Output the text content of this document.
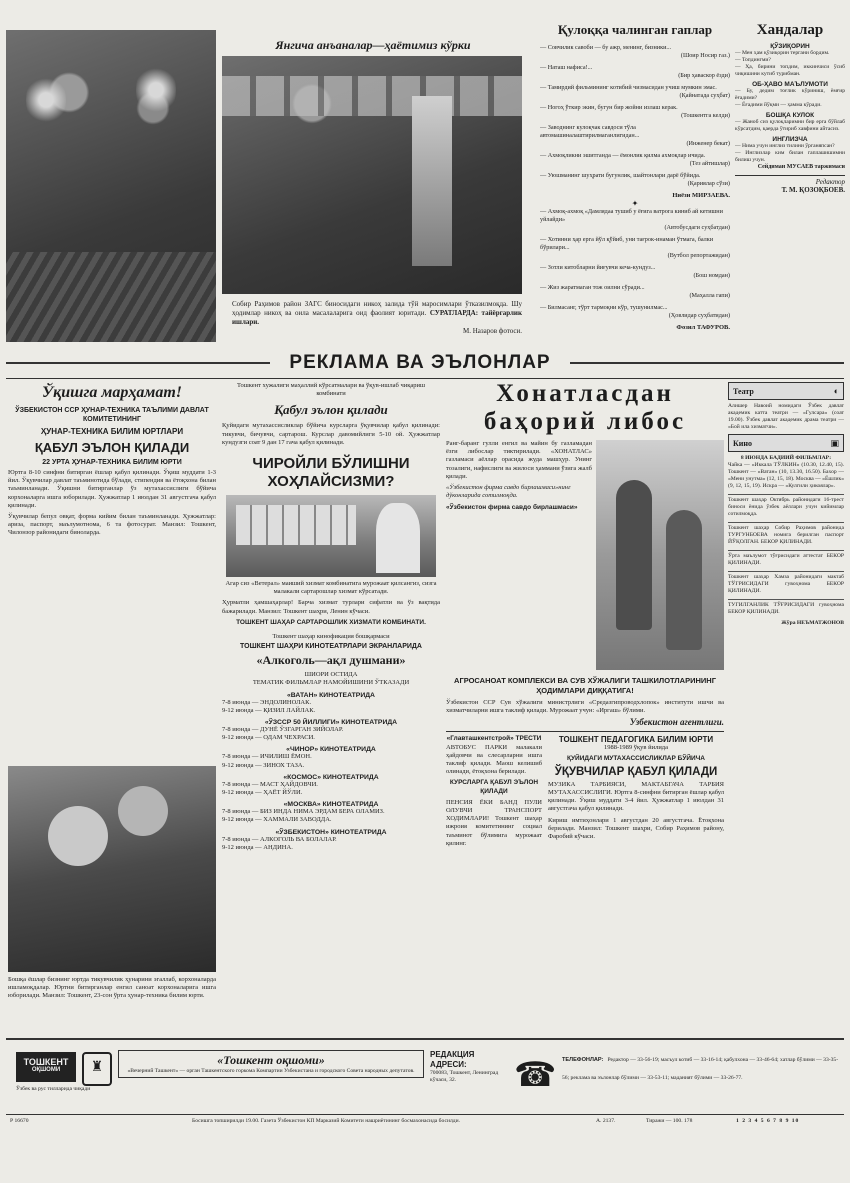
Янгича анъаналар—ҳаётимиз кўрки
Собир Раҳимов район ЗАГС биносидаги никоҳ залида тўй маросимлари ўтказилмоқда. Шу ҳодимлар никоҳ ва оила масалаларига оид фаолият юритади. СУРАТЛАРДА: тайёргарлик ишлари.
М. Назаров фотоси.
Қулоққа чалинган гаплар
— Совчилик савоби — бу ажр, менинг, бизники...
(Шoир Носир газ.)
— Наташ нафиса!...
(Бир ҳаваскор ёзди)
— Тамирдий фильмининг котибий чизмасидан учиш мумкин эмас.
(Қайнатада суҳбат)
— Ногоҳ ўткир экин, бугун бир жойни излаш керак.
(Тошкентга келди)
— Заводнинг кулоқчак савдоси тўла автомашиналаштирилмаганлигидан...
(Инженер бекат)
— Ахмоқликни эшитганда — ёмонлик қилма ахмоқлар ичида.
(Тез айтишлар)
— Уюшманинг шуҳрати бугунлик, шайтонлари дарё бўйида.
(Қариялар сўзи)
Ниёзи МИРЗАЕВА.
✦
— Ахмоқ-ахмоқ «Дамлядаа тушиб у ёғига ватрога киниб ай кетишни уйлайди»
(Автобусдаги суҳбатдан)
— Хотинни ҳар ерга йўл қўйиб, уни тағрок-инаман ўтмага, балки бўрилари...
(Вутбол репортажидан)
— Зотли китобларни йиғувчи кеча-кундуз...
(Бош номдан)
— Жиз жаратмаган тож оилни сўради...
(Маҳалла гапи)
— Билмасанг, тўрт тармоқни кўр, тушунилмас...
(Ҳовлидар суҳбатидан)
Фозил ТАФУРОВ.
Хандалар
ҚЎЗИҚОРИН
— Мен ҳам қўзиқорин тергани бордим.
— Топдингми?
— Ҳа, бирини топдим, иккинчиси ўсиб чиқишини кутиб турибман.
ОБ-ҲАВО МАЪЛУМОТИ
— Бу, дедим тоғлик кўриниш, ёмғир ёғадими?
— Ёғадими йўқми — ҳамма кўради.
БОШҚА КУЛОК
— Жаноб сиз қулоқларимни бир ерга бўйлаб кўрсатдим, қаерда ўтириб хавфини айтасиз.
ИНГЛИЗЧА
— Нима учун инглиз тилини ўрганяпсан?
— Инглизлар ким билан гаплашишимни билиш учун.
Сейдиман МУСАЕВ таржимаси
Редактор
Т. М. ҚОЗОҚБОЕВ.
РЕКЛАМА ВА ЭЪЛОНЛАР
Ўқишга марҳамат!
ЎЗБЕКИСТОН ССР ҲУНАР-ТЕХНИКА ТАЪЛИМИ ДАВЛАТ КОМИТЕТИНИНГ
ҲУНАР-ТЕХНИКА БИЛИМ ЮРТЛАРИ
ҚАБУЛ ЭЪЛОН ҚИЛАДИ
22 УРТА ҲУНАР-ТЕХНИКА БИЛИМ ЮРТИ
Юртга 8-10 синфни битирган ёшлар қабул қилинади. Ўқиш муддати 1-3 йил. Ўқувчилар давлат таъминотида бўлади, стипендия ва ётоқхона билан таъминланади. Ўқишни битирганлар ўз мутахассислиги бўйича корхоналарга ишга юборилади. Ҳужжатлар 1 июлдан 31 августгача қабул қилинади.
Ўқувчилар бепул овқат, форма кийим билан таъминланади. Ҳужжатлар: ариза, паспорт, маълумотнома, 6 та фотосурат. Манзил: Тошкент, Чилонзор районидаги биноларда.
Бошқа ёшлар бизнинг юртда тикувчилик ҳунарини эгаллаб, корхоналарда ишламоқдалар. Юртни битирганлар енгил саноат корхоналарига ишга юборилади. Манзил: Тошкент, 23-сон ўрта ҳунар-техника билим юрти.
Тошкент хужалиги маҳаллий кўрсатмалари ва ўқув-ишлаб чиқариш комбинати
Қабул эълон қилади
Қуйидаги мутахассисликлар бўйича курсларга ўқувчилар қабул қилинади: тикувчи, бичувчи, сартарош. Курслар давомийлиги 5-10 ой. Ҳужжатлар кундузги соат 9 дан 17 гача қабул қилинади.
ЧИРОЙЛИ БЎЛИШНИ ХОҲЛАЙСИЗМИ?
Агар сиз «Ветерал» маиший хизмат комбинатига мурожаат қилсангиз, сизга малакали сартарошлар хизмат кўрсатади.
Ҳурматли ҳамшаҳарлар! Барча хизмат турлари сифатли ва ўз вақтида бажарилади. Манзил: Тошкент шаҳри, Ленин кўчаси.
ТОШКЕНТ ШАҲАР САРТАРОШЛИК ХИЗМАТИ КОМБИНАТИ.
Тошкент шаҳар кинофикация бошқармаси
ТОШКЕНТ ШАҲРИ КИНОТЕАТРЛАРИ ЭКРАНЛАРИДА
«Алкоголь—ақл душмани»
ШИОРИ ОСТИДА
ТЕМАТИК ФИЛЬМЛАР НАМОЙИШИНИ ЎТКАЗАДИ
«ВАТАН» КИНОТЕАТРИДА
7-8 июнда — ЭНДОЛИНОЛАК.
9-12 июнда — ҚИЗИЛ ЛАЙЛАК.
«ЎЗССР 50 ЙИЛЛИГИ» КИНОТЕАТРИДА
7-8 июнда — ДУНЁ ЎЗГАРГАН ЗИЙОЛАР.
9-12 июнда — ОДАМ ЧЕХРАСИ.
«ЧИНОР» КИНОТЕАТРИДА
7-8 июнда — ИЧИЛИШ ЁМОН.
9-12 июнда — ЗИНОХ ТАЗА.
«КОСМОС» КИНОТЕАТРИДА
7-8 июнда — МАСТ ҲАЙДОВЧИ.
9-12 июнда — ҲАЁТ ЙЎЛИ.
«МОСКВА» КИНОТЕАТРИДА
7-8 июнда — БИЗ ИНДА НИМА ЭРДАМ БЕРА ОЛАМИЗ.
9-12 июнда — ХАММАЛИ ЗАВОДДА.
«ЎЗБЕКИСТОН» КИНОТЕАТРИДА
7-8 июнда — АЛКОГОЛЬ ВА БОЛАЛАР.
9-12 июнда — АНДИНА.
Хонатласдан
баҳорий либос
Ранг-баранг гулли енгил ва майин бу газламадан ёзги либослар тиктирилади. «ХОНАТЛАС» газламаси аёллар орасида жуда машҳур. Унинг тозалиги, нафислиги ва жилоси ҳаммани ўзига жалб қилади.
«Ўзбекистон фирма савдо бирлашмаси»нинг дўконларида сотилмоқда.
«Ўзбекистон фирма савдо бирлашмаси»
АГРОСАНОАТ КОМПЛЕКСИ ВА СУВ ХЎЖАЛИГИ ТАШКИЛОТЛАРИНИНГ ҲОДИМЛАРИ ДИҚҚАТИГА!
Ўзбекистон ССР Сув хўжалиги министрлиги «Средазгипроводхлопок» институти ишчи ва хизматчиларни ишга таклиф қилади. Мурожаат учун: «Иргаш» бўлими.
Узбекистон агентлиги.
«Главташкентстрой» ТРЕСТИ
АВТОБУС ПАРКИ малакали ҳайдовчи ва слесарларни ишга таклиф қилади. Маош келишиб олинади, ётоқхона берилади.
КУРСЛАРГА ҚАБУЛ ЭЪЛОН ҚИЛАДИ
ПЕНСИЯ ЁКИ БАНД ПУЛИ ОЛУВЧИ ТРАНСПОРТ ХОДИМЛАРИ! Тошкент шаҳар ижроия комитетининг социал таъминот бўлимига мурожаат қилинг.
ТОШКЕНТ ПЕДАГОГИКА БИЛИМ ЮРТИ
1988-1989 ўқув йилида
ҚУЙИДАГИ МУТАХАССИСЛИКЛАР БЎЙИЧА
ЎҚУВЧИЛАР ҚАБУЛ ҚИЛАДИ
МУЗИКА ТАРБИЯСИ, МАКТАБГАЧА ТАРБИЯ МУТАХАССИСЛИГИ. Юртга 8-синфни битирган ёшлар қабул қилинади. Ўқиш муддати 3-4 йил. Ҳужжатлар 1 июлдан 31 августгача қабул қилинади.
Кириш имтиҳонлари 1 августдан 20 августгача. Ётоқхона берилади. Манзил: Тошкент шаҳри, Собир Раҳимов району, Фаробий кўчаси.
Театр	◐
Алишер Навоий номидаги Ўзбек давлат академик катта театри — «Гулсара» (соат 19.00). Ўзбек давлат академик драма театри — «Бой ила хизматчи».
Кино	▣
8 ИЮНДА БАДИИЙ ФИЛЬМЛАР:
Чайка — «Иккала ТЎЛКИН» (10.30, 12.40, 15). Тошкент — «Ватан» (10, 13.30, 16.50). Бахор — «Мени унутма» (12, 15, 18). Москва — «Ёшлик» (9, 12, 15, 19). Искра — «Кулгили ҳикоялар».
Тошкент шаҳар Октябрь районидаги 16-трест биноси ёнида ўзбек аёллари учун кийимлар сотилмоқда.
Тошкент шаҳар Собир Раҳимов районида ТУРГУНБОЕВА номига берилган паспорт ЙЎҚОЛГАН. БЕКОР ҚИЛИНАДИ.
Ўрта маълумот тўғрисидаги аттестат БЕКОР ҚИЛИНАДИ.
Тошкент шаҳар Хамза районидаги мактаб ТЎГРИСИДАГИ гувоҳнома БЕКОР ҚИЛИНАДИ.
ТУГИЛГАНЛИК ТЎҒРИСИДАГИ гувоҳнома БЕКОР ҚИЛИНАДИ.
Жўра НЕЪМАТЖОНОВ
ТОШКЕНТ
ОҚШОМИ	♜
Ўзбек ва рус тилларида чиқади
«Тошкент оқшоми»
«Вечерний Ташкент» — орган Ташкентского горкома Компартии Узбекистана и городского Совета народных депутатов.
РЕДАКЦИЯ АДРЕСИ:
700083, Тошкент, Ленинград кўчаси, 32.	☎ ТЕЛЕФОНЛАР: Редактор — 33-56-19; масъул котиб — 33-16-14; қабулхона — 33-46-64; хатлар бўлими — 33-35-56; реклама ва эълонлар бўлими — 33-53-11; маданият бўлими — 33-26-77.
Р 16670	Босишга топширилди 19.00. Газета Ўзбекистон КП Марказий Комитети нашриётининг босмахонасида босилди.	А. 2137.	Тиражи — 100. 178	1 2 3 4 5 6 7 8 9 10
